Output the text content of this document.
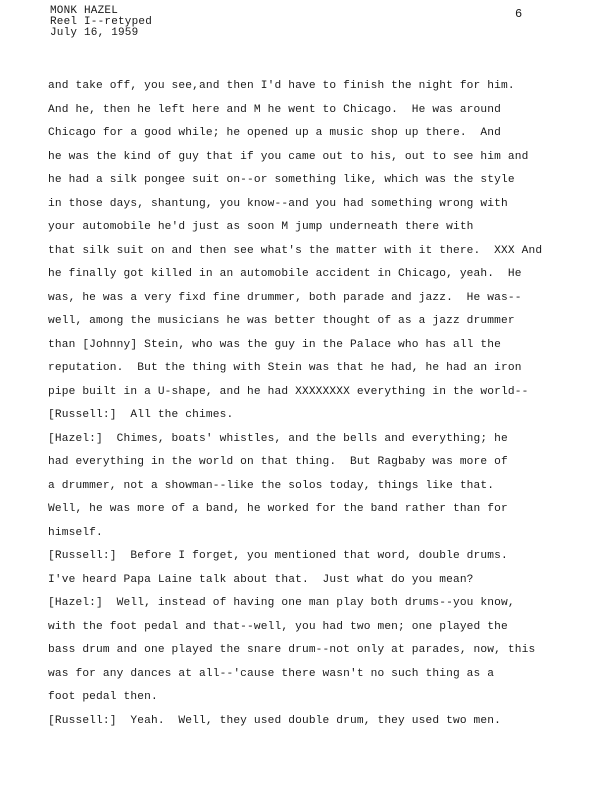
MONK HAZEL
Reel I--retyped
July 16, 1959
6
and take off, you see,and then I'd have to finish the night for him.
And he, then he left here and M he went to Chicago.  He was around
Chicago for a good while; he opened up a music shop up there.  And
he was the kind of guy that if you came out to his, out to see him and
he had a silk pongee suit on--or something like, which was the style
in those days, shantung, you know--and you had something wrong with
your automobile he'd just as soon M jump underneath there with
that silk suit on and then see what's the matter with it there.  XXX And
he finally got killed in an automobile accident in Chicago, yeah.  He
was, he was a very fixd fine drummer, both parade and jazz.  He was--
well, among the musicians he was better thought of as a jazz drummer
than [Johnny] Stein, who was the guy in the Palace who has all the
reputation.  But the thing with Stein was that he had, he had an iron
pipe built in a U-shape, and he had XXXXXXXX everything in the world--
[Russell:]  All the chimes.
[Hazel:]  Chimes, boats' whistles, and the bells and everything; he
had everything in the world on that thing.  But Ragbaby was more of
a drummer, not a showman--like the solos today, things like that.
Well, he was more of a band, he worked for the band rather than for
himself.
[Russell:]  Before I forget, you mentioned that word, double drums.
I've heard Papa Laine talk about that.  Just what do you mean?
[Hazel:]  Well, instead of having one man play both drums--you know,
with the foot pedal and that--well, you had two men; one played the
bass drum and one played the snare drum--not only at parades, now, this
was for any dances at all--'cause there wasn't no such thing as a
foot pedal then.
[Russell:]  Yeah.  Well, they used double drum, they used two men.
